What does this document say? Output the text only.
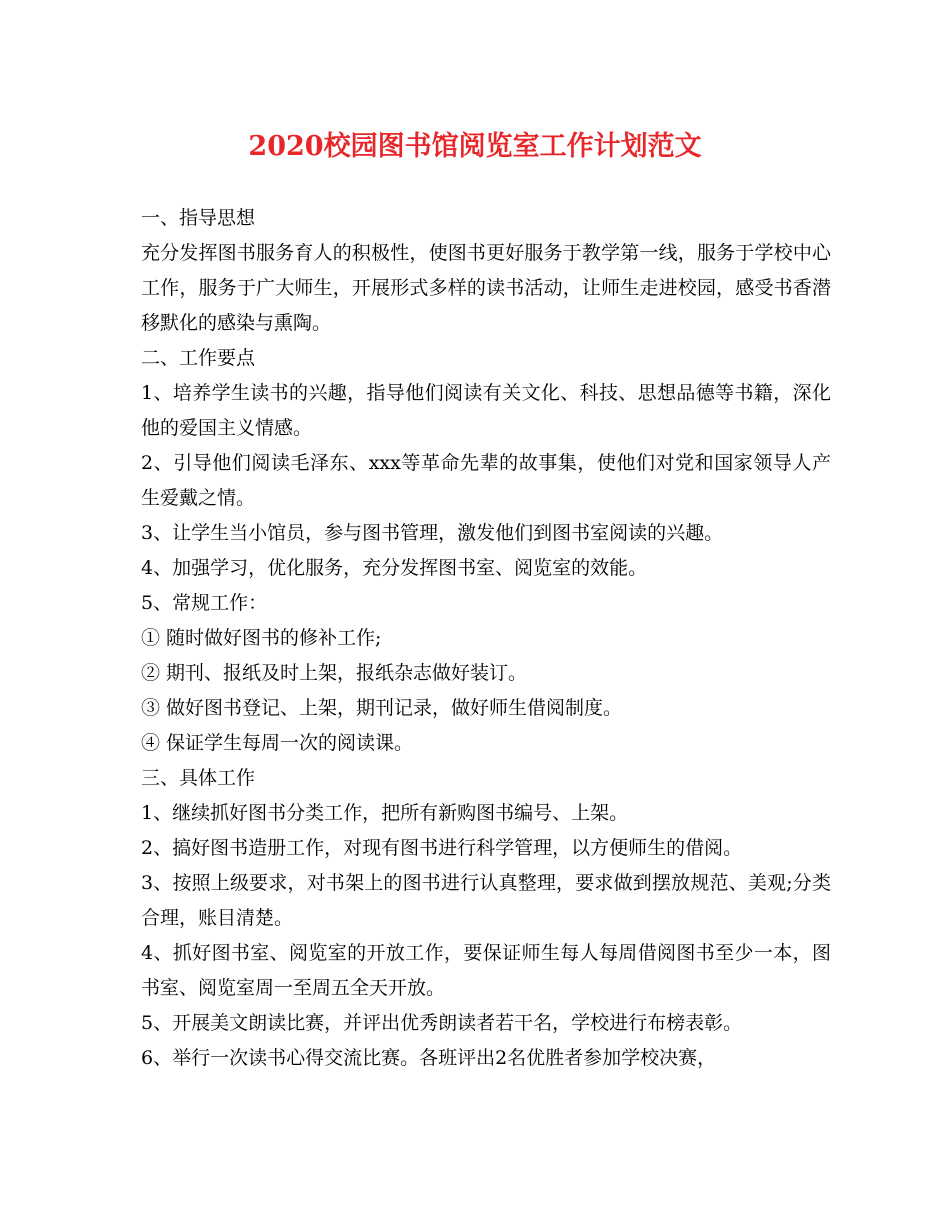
2020校园图书馆阅览室工作计划范文

一、指导思想

充分发挥图书服务育人的积极性，使图书更好服务于教学第一线，服务于学校中心工作，服务于广大师生，开展形式多样的读书活动，让师生走进校园，感受书香潜移默化的感染与熏陶。

二、工作要点

1、培养学生读书的兴趣，指导他们阅读有关文化、科技、思想品德等书籍，深化他的爱国主义情感。

2、引导他们阅读毛泽东、xxx等革命先辈的故事集，使他们对党和国家领导人产生爱戴之情。

3、让学生当小馆员，参与图书管理，激发他们到图书室阅读的兴趣。

4、加强学习，优化服务，充分发挥图书室、阅览室的效能。

5、常规工作：

① 随时做好图书的修补工作;

② 期刊、报纸及时上架，报纸杂志做好装订。

③ 做好图书登记、上架，期刊记录，做好师生借阅制度。

④ 保证学生每周一次的阅读课。

三、具体工作

1、继续抓好图书分类工作，把所有新购图书编号、上架。

2、搞好图书造册工作，对现有图书进行科学管理，以方便师生的借阅。

3、按照上级要求，对书架上的图书进行认真整理，要求做到摆放规范、美观;分类合理，账目清楚。

4、抓好图书室、阅览室的开放工作，要保证师生每人每周借阅图书至少一本，图书室、阅览室周一至周五全天开放。

5、开展美文朗读比赛，并评出优秀朗读者若干名，学校进行布榜表彰。

6、举行一次读书心得交流比赛。各班评出2名优胜者参加学校决赛，
